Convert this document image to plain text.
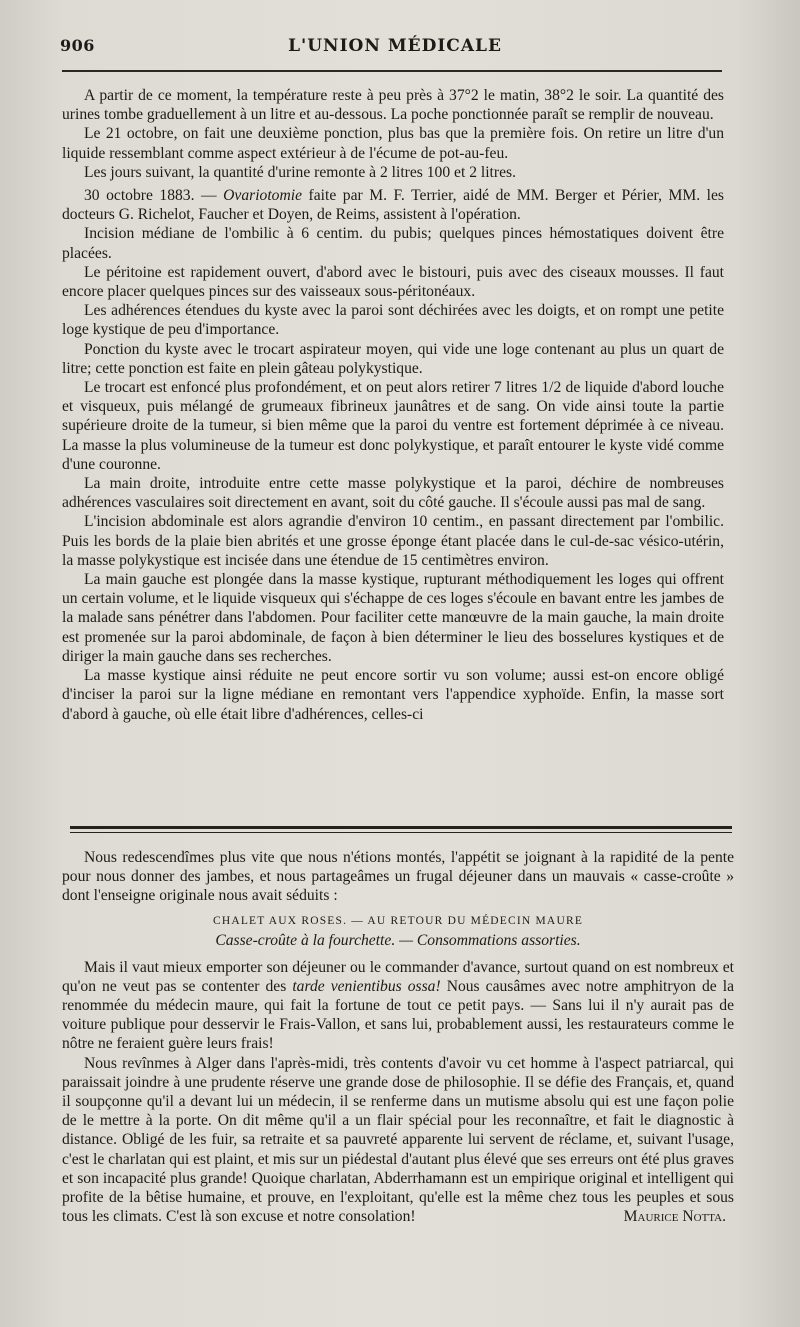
906	L'UNION MÉDICALE

A partir de ce moment, la température reste à peu près à 37°2 le matin, 38°2 le soir. La quantité des urines tombe graduellement à un litre et au-dessous. La poche ponctionnée paraît se remplir de nouveau.

Le 21 octobre, on fait une deuxième ponction, plus bas que la première fois. On retire un litre d'un liquide ressemblant comme aspect extérieur à de l'écume de pot-au-feu.

Les jours suivant, la quantité d'urine remonte à 2 litres 100 et 2 litres.

30 octobre 1883. — Ovariotomie faite par M. F. Terrier, aidé de MM. Berger et Périer, MM. les docteurs G. Richelot, Faucher et Doyen, de Reims, assistent à l'opération.

Incision médiane de l'ombilic à 6 centim. du pubis; quelques pinces hémostatiques doivent être placées.

Le péritoine est rapidement ouvert, d'abord avec le bistouri, puis avec des ciseaux mousses. Il faut encore placer quelques pinces sur des vaisseaux sous-péritonéaux.

Les adhérences étendues du kyste avec la paroi sont déchirées avec les doigts, et on rompt une petite loge kystique de peu d'importance.

Ponction du kyste avec le trocart aspirateur moyen, qui vide une loge contenant au plus un quart de litre; cette ponction est faite en plein gâteau polykystique.

Le trocart est enfoncé plus profondément, et on peut alors retirer 7 litres 1/2 de liquide d'abord louche et visqueux, puis mélangé de grumeaux fibrineux jaunâtres et de sang. On vide ainsi toute la partie supérieure droite de la tumeur, si bien même que la paroi du ventre est fortement déprimée à ce niveau. La masse la plus volumineuse de la tumeur est donc polykystique, et paraît entourer le kyste vidé comme d'une couronne.

La main droite, introduite entre cette masse polykystique et la paroi, déchire de nombreuses adhérences vasculaires soit directement en avant, soit du côté gauche. Il s'écoule aussi pas mal de sang.

L'incision abdominale est alors agrandie d'environ 10 centim., en passant directement par l'ombilic. Puis les bords de la plaie bien abrités et une grosse éponge étant placée dans le cul-de-sac vésico-utérin, la masse polykystique est incisée dans une étendue de 15 centimètres environ.

La main gauche est plongée dans la masse kystique, rupturant méthodiquement les loges qui offrent un certain volume, et le liquide visqueux qui s'échappe de ces loges s'écoule en bavant entre les jambes de la malade sans pénétrer dans l'abdomen. Pour faciliter cette manœuvre de la main gauche, la main droite est promenée sur la paroi abdominale, de façon à bien déterminer le lieu des bosselures kystiques et de diriger la main gauche dans ses recherches.

La masse kystique ainsi réduite ne peut encore sortir vu son volume; aussi est-on encore obligé d'inciser la paroi sur la ligne médiane en remontant vers l'appendice xyphoïde. Enfin, la masse sort d'abord à gauche, où elle était libre d'adhérences, celles-ci

Nous redescendîmes plus vite que nous n'étions montés, l'appétit se joignant à la rapidité de la pente pour nous donner des jambes, et nous partageâmes un frugal déjeuner dans un mauvais « casse-croûte » dont l'enseigne originale nous avait séduits :

CHALET AUX ROSES. — AU RETOUR DU MÉDECIN MAURE
Casse-croûte à la fourchette. — Consommations assorties.

Mais il vaut mieux emporter son déjeuner ou le commander d'avance, surtout quand on est nombreux et qu'on ne veut pas se contenter des tarde venientibus ossa! Nous causâmes avec notre amphitryon de la renommée du médecin maure, qui fait la fortune de tout ce petit pays. — Sans lui il n'y aurait pas de voiture publique pour desservir le Frais-Vallon, et sans lui, probablement aussi, les restaurateurs comme le nôtre ne feraient guère leurs frais!

Nous revînmes à Alger dans l'après-midi, très contents d'avoir vu cet homme à l'aspect patriarcal, qui paraissait joindre à une prudente réserve une grande dose de philosophie. Il se défie des Français, et, quand il soupçonne qu'il a devant lui un médecin, il se renferme dans un mutisme absolu qui est une façon polie de le mettre à la porte. On dit même qu'il a un flair spécial pour les reconnaître, et fait le diagnostic à distance. Obligé de les fuir, sa retraite et sa pauvreté apparente lui servent de réclame, et, suivant l'usage, c'est le charlatan qui est plaint, et mis sur un piédestal d'autant plus élevé que ses erreurs ont été plus graves et son incapacité plus grande! Quoique charlatan, Abderrhamann est un empirique original et intelligent qui profite de la bêtise humaine, et prouve, en l'exploitant, qu'elle est la même chez tous les peuples et sous tous les climats. C'est là son excuse et notre consolation!	Maurice Notta.
